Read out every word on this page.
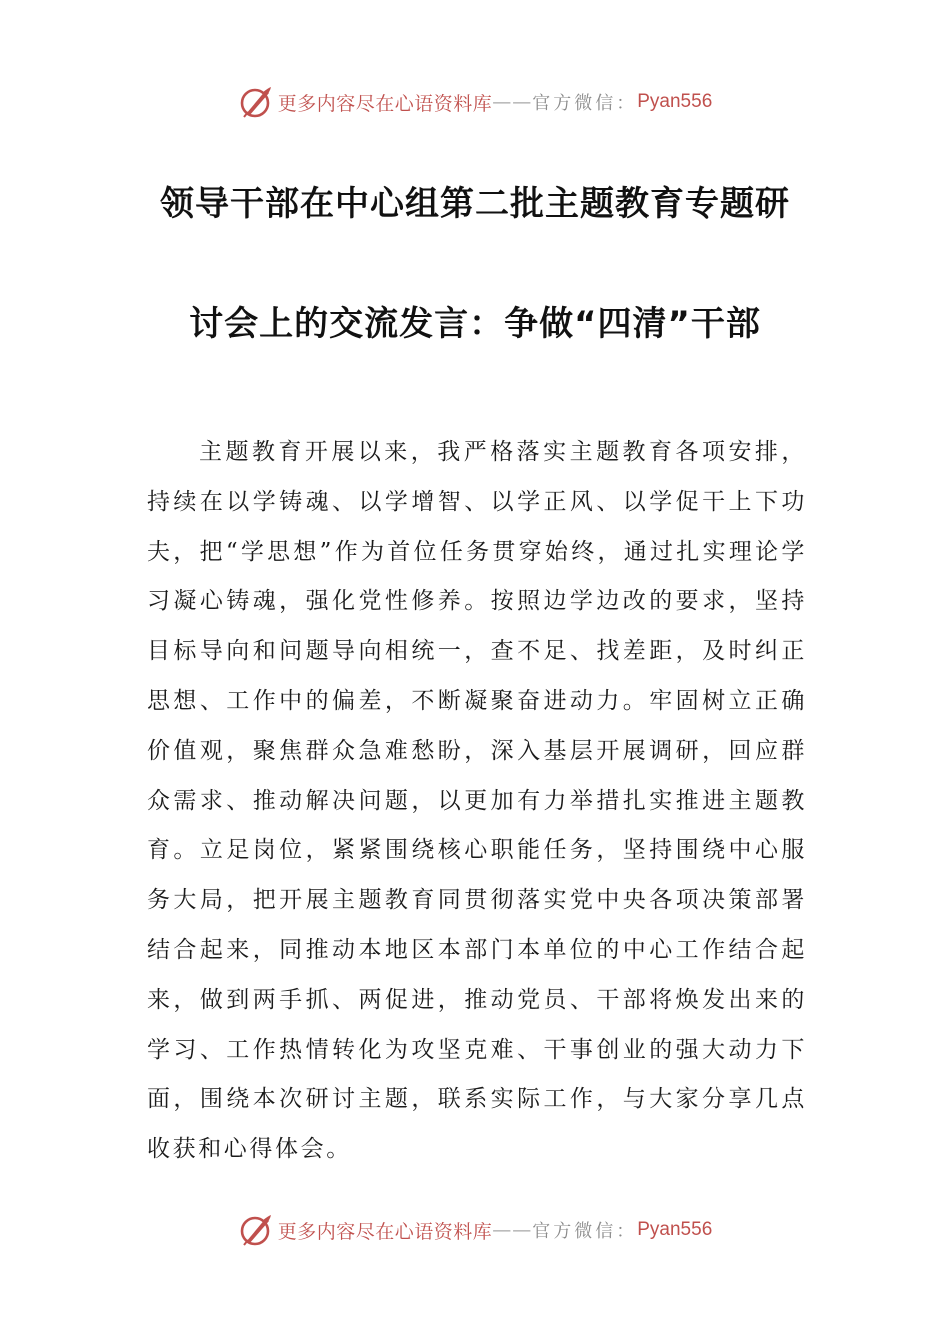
更多内容尽在心语资料库 —— 官方微信： Pyan556
领导干部在中心组第二批主题教育专题研
讨会上的交流发言：争做“四清”干部

主题教育开展以来，我严格落实主题教育各项安排，持续在以学铸魂、以学增智、以学正风、以学促干上下功夫，把“学思想”作为首位任务贯穿始终，通过扎实理论学习凝心铸魂，强化党性修养。按照边学边改的要求，坚持目标导向和问题导向相统一，查不足、找差距，及时纠正思想、工作中的偏差，不断凝聚奋进动力。牢固树立正确价值观，聚焦群众急难愁盼，深入基层开展调研，回应群众需求、推动解决问题，以更加有力举措扎实推进主题教育。立足岗位，紧紧围绕核心职能任务，坚持围绕中心服务大局，把开展主题教育同贯彻落实党中央各项决策部署结合起来，同推动本地区本部门本单位的中心工作结合起来，做到两手抓、两促进，推动党员、干部将焕发出来的学习、工作热情转化为攻坚克难、干事创业的强大动力下面，围绕本次研讨主题，联系实际工作，与大家分享几点收获和心得体会。

更多内容尽在心语资料库 —— 官方微信： Pyan556
